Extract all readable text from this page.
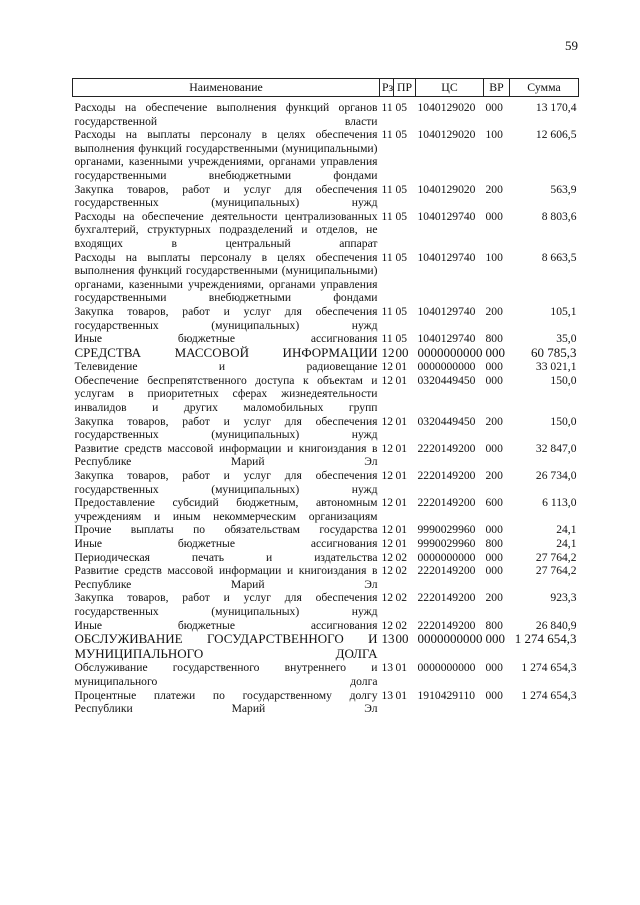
59
Наименование	Рз	ПР	ЦС	ВР	Сумма
Расходы на обеспечение выполнения функций органов государственной власти	11	05	1040129020	000	13 170,4
Расходы на выплаты персоналу в целях обеспечения выполнения функций государственными (муниципальными) органами, казенными учреждениями, органами управления государственными внебюджетными фондами	11	05	1040129020	100	12 606,5
Закупка товаров, работ и услуг для обеспечения государственных (муниципальных) нужд	11	05	1040129020	200	563,9
Расходы на обеспечение деятельности централизованных бухгалтерий, структурных подразделений и отделов, не входящих в центральный аппарат	11	05	1040129740	000	8 803,6
Расходы на выплаты персоналу в целях обеспечения выполнения функций государственными (муниципальными) органами, казенными учреждениями, органами управления государственными внебюджетными фондами	11	05	1040129740	100	8 663,5
Закупка товаров, работ и услуг для обеспечения государственных (муниципальных) нужд	11	05	1040129740	200	105,1
Иные бюджетные ассигнования	11	05	1040129740	800	35,0
СРЕДСТВА МАССОВОЙ ИНФОРМАЦИИ	12	00	0000000000	000	60 785,3
Телевидение и радиовещание	12	01	0000000000	000	33 021,1
Обеспечение беспрепятственного доступа к объектам и услугам в приоритетных сферах жизнедеятельности инвалидов и других маломобильных групп	12	01	0320449450	000	150,0
Закупка товаров, работ и услуг для обеспечения государственных (муниципальных) нужд	12	01	0320449450	200	150,0
Развитие средств массовой информации и книгоиздания в Республике Марий Эл	12	01	2220149200	000	32 847,0
Закупка товаров, работ и услуг для обеспечения государственных (муниципальных) нужд	12	01	2220149200	200	26 734,0
Предоставление субсидий бюджетным, автономным учреждениям и иным некоммерческим организациям	12	01	2220149200	600	6 113,0
Прочие выплаты по обязательствам государства	12	01	9990029960	000	24,1
Иные бюджетные ассигнования	12	01	9990029960	800	24,1
Периодическая печать и издательства	12	02	0000000000	000	27 764,2
Развитие средств массовой информации и книгоиздания в Республике Марий Эл	12	02	2220149200	000	27 764,2
Закупка товаров, работ и услуг для обеспечения государственных (муниципальных) нужд	12	02	2220149200	200	923,3
Иные бюджетные ассигнования	12	02	2220149200	800	26 840,9
ОБСЛУЖИВАНИЕ ГОСУДАРСТВЕННОГО И МУНИЦИПАЛЬНОГО ДОЛГА	13	00	0000000000	000	1 274 654,3
Обслуживание государственного внутреннего и муниципального долга	13	01	0000000000	000	1 274 654,3
Процентные платежи по государственному долгу Республики Марий Эл	13	01	1910429110	000	1 274 654,3
